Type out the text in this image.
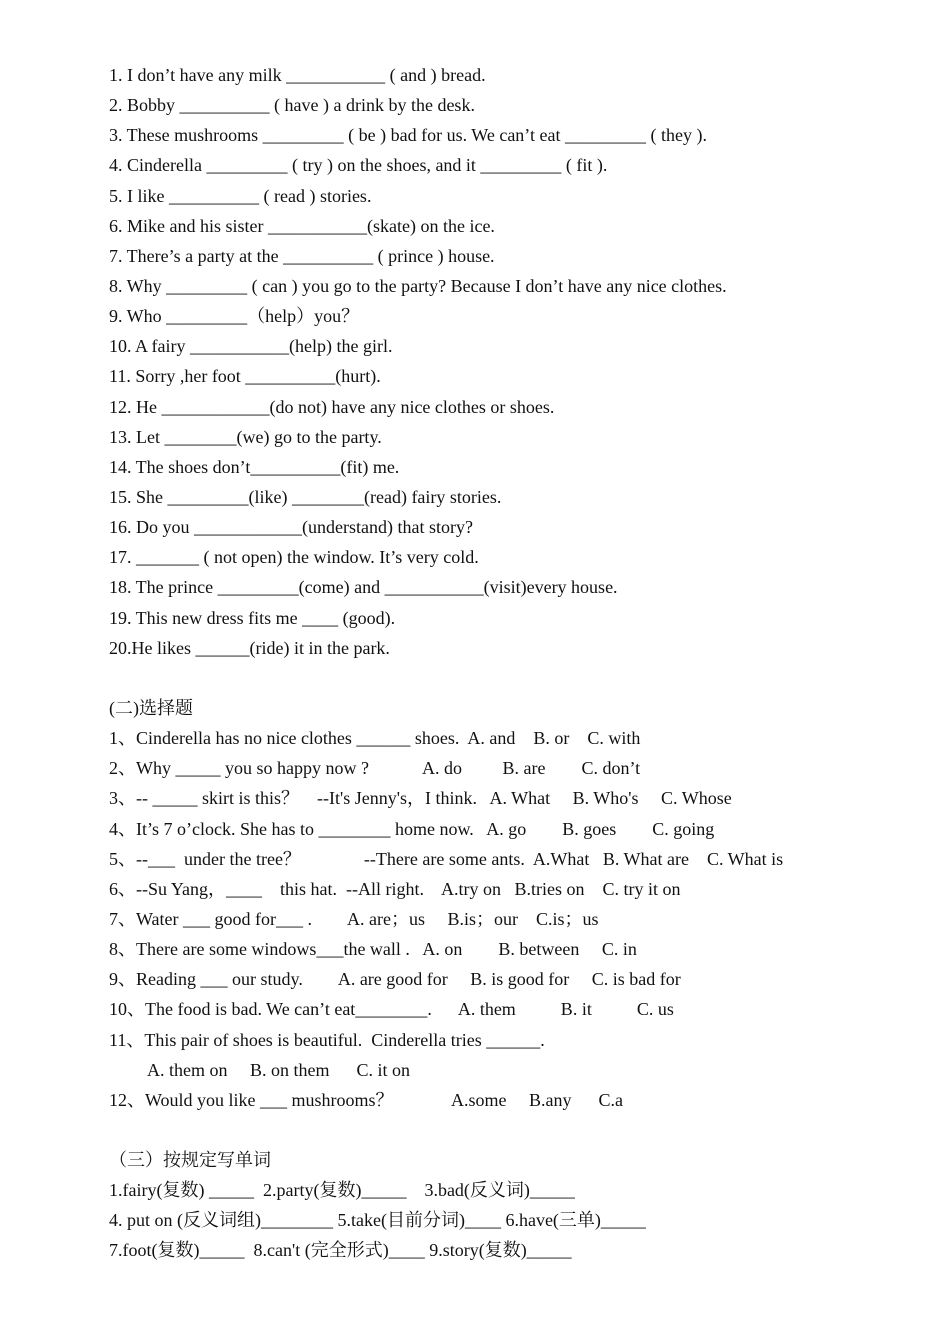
1. I don’t have any milk ___________ ( and ) bread.
2. Bobby __________ ( have ) a drink by the desk.
3. These mushrooms _________ ( be ) bad for us. We can’t eat _________ ( they ).
4. Cinderella _________ ( try ) on the shoes, and it _________ ( fit ).
5. I like __________ ( read ) stories.
6. Mike and his sister ___________(skate) on the ice.
7. There’s a party at the __________ ( prince ) house.
8. Why _________ ( can ) you go to the party? Because I don’t have any nice clothes.
9. Who _________（help）you？
10. A fairy ___________(help) the girl.
11. Sorry ,her foot __________(hurt).
12. He ____________(do not) have any nice clothes or shoes.
13. Let ________(we) go to the party.
14. The shoes don’t__________(fit) me.
15. She _________(like) ________(read) fairy stories.
16. Do you ____________(understand) that story?
17. _______ ( not open) the window. It’s very cold.
18. The prince _________(come) and ___________(visit)every house.
19. This new dress fits me ____ (good).
20.He likes ______(ride) it in the park.
(二)选择题
1、Cinderella has no nice clothes ______ shoes.  A. and    B. or    C. with
2、Why _____ you so happy now ?            A. do         B. are        C. don’t
3、-- _____ skirt is this？    --It's Jenny's，I think.   A. What     B. Who's     C. Whose
4、It’s 7 o’clock. She has to ________ home now.   A. go        B. goes        C. going
5、--___  under the tree？              --There are some ants.  A.What   B. What are    C. What is
6、--Su Yang，____    this hat.  --All right.    A.try on   B.tries on    C. try it on
7、Water ___ good for___ .        A. are；us     B.is；our    C.is；us
8、There are some windows___the wall .   A. on        B. between     C. in
9、Reading ___ our study.        A. are good for     B. is good for     C. is bad for
10、The food is bad. We can’t eat________.      A. them          B. it          C. us
11、This pair of shoes is beautiful.  Cinderella tries ______.
A. them on     B. on them      C. it on
12、Would you like ___ mushrooms？             A.some     B.any      C.a
（三）按规定写单词
1.fairy(复数) _____  2.party(复数)_____    3.bad(反义词)_____
4. put on (反义词组)________ 5.take(目前分词)____ 6.have(三单)_____
7.foot(复数)_____  8.can't (完全形式)____ 9.story(复数)_____
